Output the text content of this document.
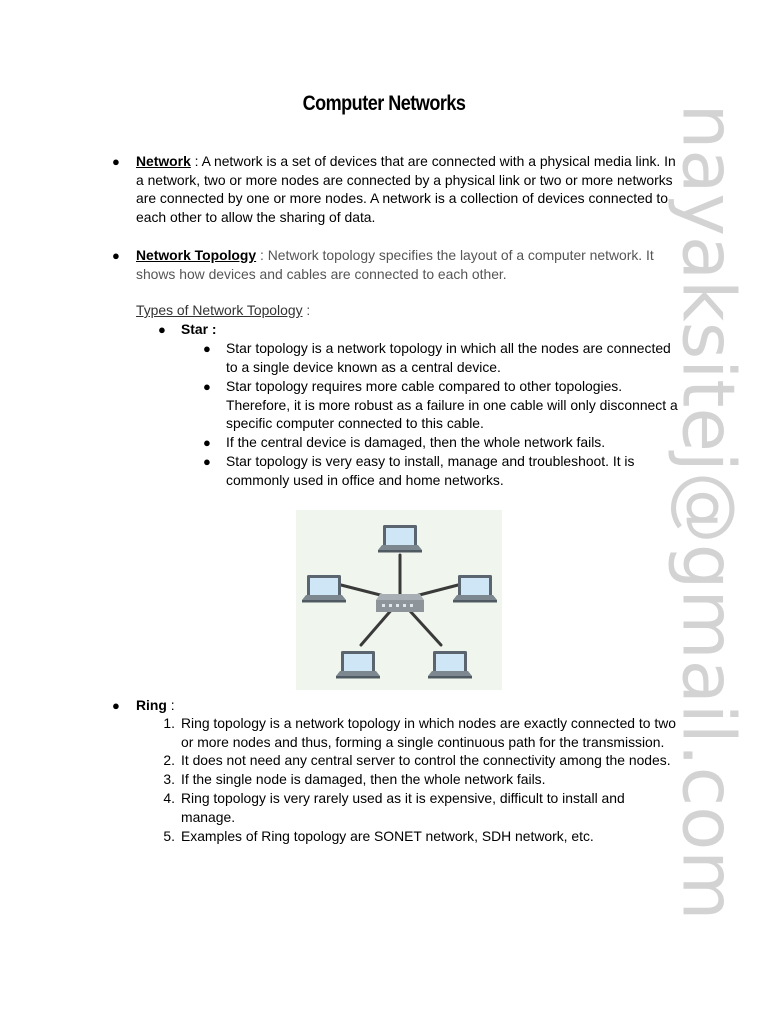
Computer Networks
● Network : A network is a set of devices that are connected with a physical media link. In a network, two or more nodes are connected by a physical link or two or more networks are connected by one or more nodes. A network is a collection of devices connected to each other to allow the sharing of data.
● Network Topology : Network topology specifies the layout of a computer network. It shows how devices and cables are connected to each other.
Types of Network Topology :
● Star :
● Star topology is a network topology in which all the nodes are connected to a single device known as a central device.
● Star topology requires more cable compared to other topologies. Therefore, it is more robust as a failure in one cable will only disconnect a specific computer connected to this cable.
● If the central device is damaged, then the whole network fails.
● Star topology is very easy to install, manage and troubleshoot. It is commonly used in office and home networks.
● Ring :
1. Ring topology is a network topology in which nodes are exactly connected to two or more nodes and thus, forming a single continuous path for the transmission.
2. It does not need any central server to control the connectivity among the nodes.
3. If the single node is damaged, then the whole network fails.
4. Ring topology is very rarely used as it is expensive, difficult to install and manage.
5. Examples of Ring topology are SONET network, SDH network, etc.	nayaksitej@gmail.com
